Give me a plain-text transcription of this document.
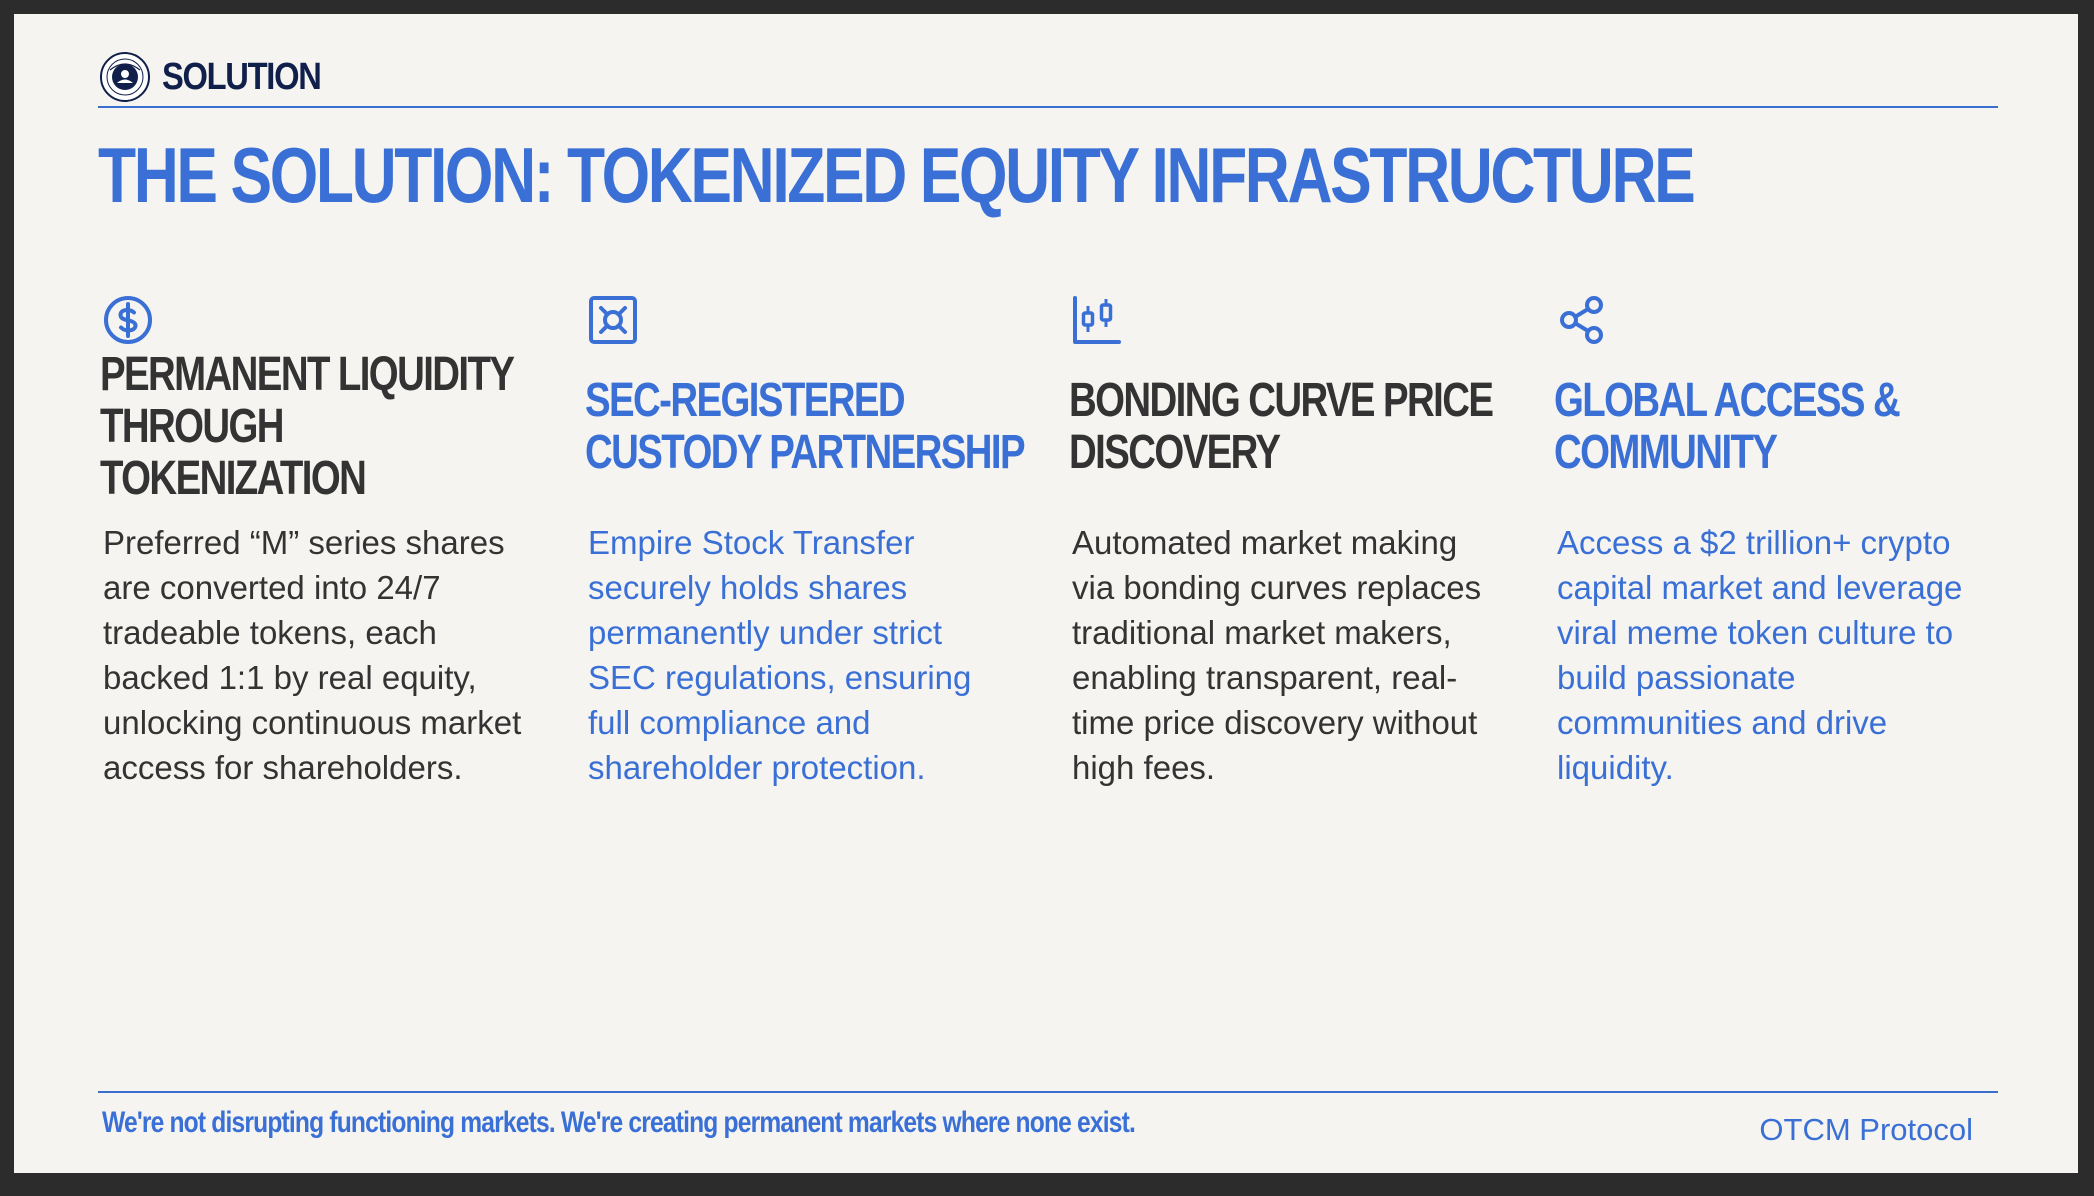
SOLUTION
THE SOLUTION: TOKENIZED EQUITY INFRASTRUCTURE
PERMANENT LIQUIDITY THROUGH TOKENIZATION
Preferred “M” series shares are converted into 24/7 tradeable tokens, each backed 1:1 by real equity, unlocking continuous market access for shareholders.
SEC-REGISTERED CUSTODY PARTNERSHIP
Empire Stock Transfer securely holds shares permanently under strict SEC regulations, ensuring full compliance and shareholder protection.
BONDING CURVE PRICE DISCOVERY
Automated market making via bonding curves replaces traditional market makers, enabling transparent, real-time price discovery without high fees.
GLOBAL ACCESS & COMMUNITY
Access a $2 trillion+ crypto capital market and leverage viral meme token culture to build passionate communities and drive liquidity.
We're not disrupting functioning markets. We're creating permanent markets where none exist.	OTCM Protocol
